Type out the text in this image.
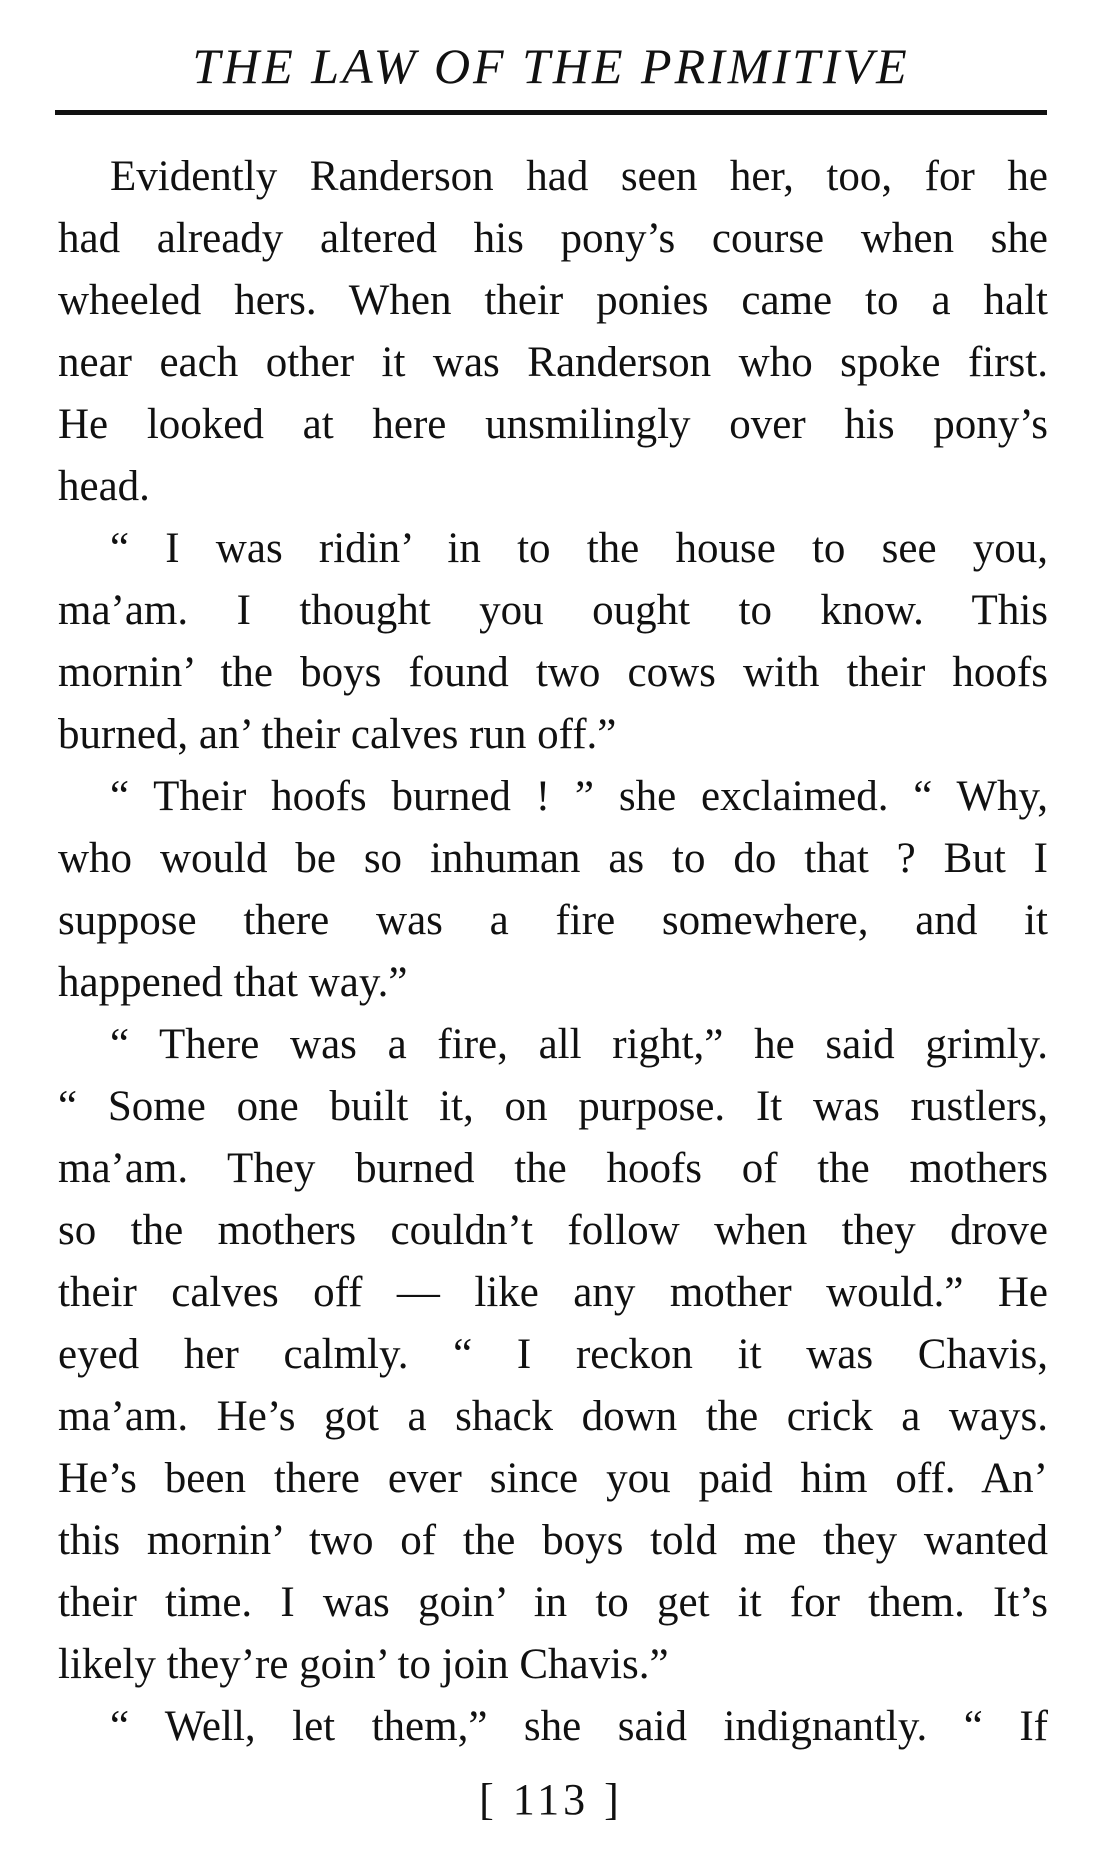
THE LAW OF THE PRIMITIVE
Evidently Randerson had seen her, too, for he
had already altered his pony’s course when she
wheeled hers. When their ponies came to a halt
near each other it was Randerson who spoke first.
He looked at here unsmilingly over his pony’s
head.
“ I was ridin’ in to the house to see you,
ma’am. I thought you ought to know. This
mornin’ the boys found two cows with their hoofs
burned, an’ their calves run off.”
“ Their hoofs burned ! ” she exclaimed. “ Why,
who would be so inhuman as to do that ? But I
suppose there was a fire somewhere, and it
happened that way.”
“ There was a fire, all right,” he said grimly.
“ Some one built it, on purpose. It was rustlers,
ma’am. They burned the hoofs of the mothers
so the mothers couldn’t follow when they drove
their calves off — like any mother would.” He
eyed her calmly. “ I reckon it was Chavis,
ma’am. He’s got a shack down the crick a ways.
He’s been there ever since you paid him off. An’
this mornin’ two of the boys told me they wanted
their time. I was goin’ in to get it for them. It’s
likely they’re goin’ to join Chavis.”
“ Well, let them,” she said indignantly. “ If
[ 113 ]
